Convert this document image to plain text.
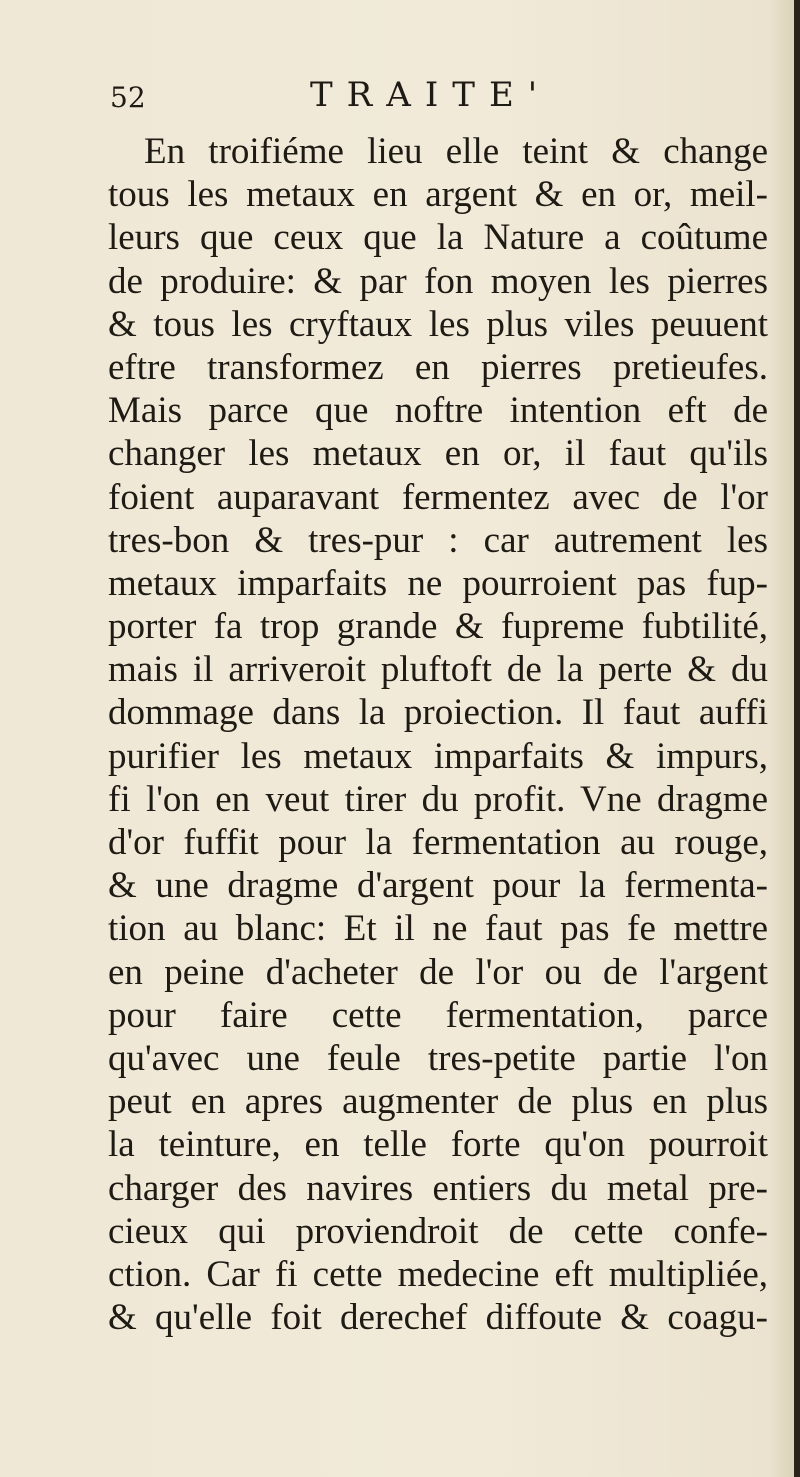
52	TRAITE'
En troifiéme lieu elle teint & change
tous les metaux en argent & en or, meil-
leurs que ceux que la Nature a coûtume
de produire: & par fon moyen les pierres
& tous les cryftaux les plus viles peuuent
eftre transformez en pierres pretieufes.
Mais parce que noftre intention eft de
changer les metaux en or, il faut qu'ils
foient auparavant fermentez avec de l'or
tres-bon & tres-pur : car autrement les
metaux imparfaits ne pourroient pas fup-
porter fa trop grande & fupreme fubtilité,
mais il arriveroit pluftoft de la perte & du
dommage dans la proiection. Il faut auffi
purifier les metaux imparfaits & impurs,
fi l'on en veut tirer du profit. Vne dragme
d'or fuffit pour la fermentation au rouge,
& une dragme d'argent pour la fermenta-
tion au blanc: Et il ne faut pas fe mettre
en peine d'acheter de l'or ou de l'argent
pour faire cette fermentation, parce
qu'avec une feule tres-petite partie l'on
peut en apres augmenter de plus en plus
la teinture, en telle forte qu'on pourroit
charger des navires entiers du metal pre-
cieux qui proviendroit de cette confe-
ction. Car fi cette medecine eft multipliée,
& qu'elle foit derechef diffoute & coagu-
